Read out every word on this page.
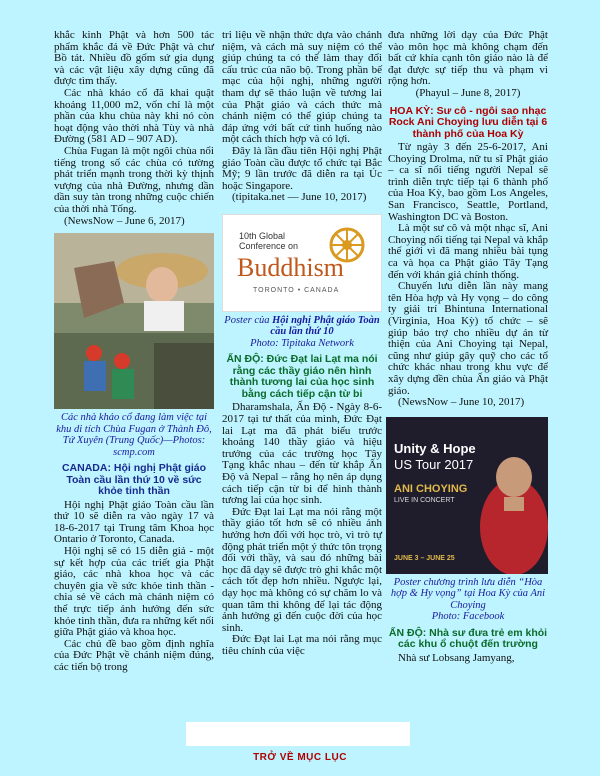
khắc kinh Phật và hơn 500 tác phẩm khắc đá về Đức Phật và chư Bồ tát. Nhiều đồ gốm sứ gia dụng và các vật liệu xây dựng cũng đã được tìm thấy.

Các nhà khảo cổ đã khai quật khoảng 11,000 m2, vốn chỉ là một phần của khu chùa này khi nó còn hoạt động vào thời nhà Tùy và nhà Đường (581 AD – 907 AD).

Chùa Fugan là một ngôi chùa nổi tiếng trong số các chùa có tường phát triển mạnh trong thời kỳ thịnh vượng của nhà Đường, nhưng dần dần suy tàn trong những cuộc chiến của thời nhà Tống.

(NewsNow – June 6, 2017)

Các nhà khảo cổ đang làm việc tại khu di tích Chùa Fugan ở Thành Đô, Tứ Xuyên (Trung Quốc)—Photos: scmp.com
CANADA: Hội nghị Phật giáo Toàn cầu lần thứ 10 về sức khỏe tinh thần

Hội nghị Phật giáo Toàn cầu lần thứ 10 sẽ diễn ra vào ngày 17 và 18-6-2017 tại Trung tâm Khoa học Ontario ở Toronto, Canada.

Hội nghị sẽ có 15 diễn giả - một sự kết hợp của các triết gia Phật giáo, các nhà khoa học và các chuyên gia về sức khỏe tinh thần - chia sẻ về cách mà chánh niệm có thể trực tiếp ảnh hưởng đến sức khỏe tinh thần, đưa ra những kết nối giữa Phật giáo và khoa học.

Các chủ đề bao gồm định nghĩa của Đức Phật về chánh niệm đúng, các tiến bộ trong

tri liệu về nhận thức dựa vào chánh niệm, và cách mà suy niệm có thể giúp chúng ta có thể làm thay đổi cấu trúc của não bộ. Trong phần bế mạc của hội nghị, những người tham dự sẽ thảo luận về tương lai của Phật giáo và cách thức mà chánh niệm có thể giúp chúng ta đáp ứng với bất cứ tình huống nào một cách thích hợp và có lợi.

Đây là lần đầu tiên Hội nghị Phật giáo Toàn cầu được tổ chức tại Bắc Mỹ; 9 lần trước đã diễn ra tại Úc hoặc Singapore.

(tipitaka.net — June 10, 2017)

10th Global Conference on
Buddhism
TORONTO • CANADA
Poster của Hội nghị Phật giáo Toàn cầu lần thứ 10
Photo: Tipitaka Network
ẤN ĐỘ: Đức Đạt lai Lạt ma nói rằng các thầy giáo nên hình thành tương lai của học sinh bằng cách tiếp cận từ bi

Dharamshala, Ấn Độ - Ngày 8-6-2017 tại tư thất của mình, Đức Đạt lai Lạt ma đã phát biểu trước khoảng 140 thầy giáo và hiệu trưởng của các trường học Tây Tạng khắc nhau – đến từ khắp Ấn Độ và Nepal – rằng họ nên áp dụng cách tiếp cận từ bi để hình thành tương lai của học sinh.

Đức Đạt lai Lạt ma nói rằng một thầy giáo tốt hơn sẽ có nhiều ảnh hưởng hơn đối với học trò, vì trò tự động phát triển một ý thức tôn trọng đối với thầy, và sau đó những bài học đã dạy sẽ được trò ghi khắc một cách tốt đẹp hơn nhiều. Ngược lại, dạy học mà không có sự chăm lo và quan tâm thì không để lại tác động ảnh hưởng gì đến cuộc đời của học sinh.

Đức Đạt lai Lạt ma nói rằng mục tiêu chính của việc

đưa những lời dạy của Đức Phật vào môn học mà không chạm đến bất cứ khía cạnh tôn giáo nào là để đạt được sự tiếp thu và phạm vi rộng hơn.

(Phayul – June 8, 2017)

HOA KỲ: Sư cô - ngôi sao nhạc Rock Ani Choying lưu diễn tại 6 thành phố của Hoa Kỳ

Từ ngày 3 đến 25-6-2017, Ani Choying Drolma, nữ tu sĩ Phật giáo – ca sĩ nổi tiếng người Nepal sẽ trình diễn trực tiếp tại 6 thành phố của Hoa Kỳ, bao gồm Los Angeles, San Francisco, Seattle, Portland, Washington DC và Boston.

Là một sư cô và một nhạc sĩ, Ani Choying nổi tiếng tại Nepal và khắp thế giới vì đã mang nhiều bài tụng ca và họa ca Phật giáo Tây Tạng đến với khán giả chính thống.

Chuyến lưu diễn lần này mang tên Hòa hợp và Hy vọng – do công ty giải trí Bhintuna International (Virginia, Hoa Kỳ) tổ chức – sẽ giúp bảo trợ cho nhiều dự án từ thiện của Ani Choying tại Nepal, cũng như giúp gây quỹ cho các tổ chức khác nhau trong khu vực để xây dựng đền chùa Ấn giáo và Phật giáo.

(NewsNow – June 10, 2017)

Unity & Hope
US Tour 2017
ANI CHOYING
LIVE IN CONCERT
JUNE 3 – JUNE 25
Poster chương trình lưu diễn “Hòa hợp & Hy vọng” tại Hoa Kỳ của Ani Choying
Photo: Facebook
ẤN ĐỘ: Nhà sư đưa trẻ em khỏi các khu ổ chuột đến trường

Nhà sư Lobsang Jamyang,

TRỞ VỀ MỤC LỤC
